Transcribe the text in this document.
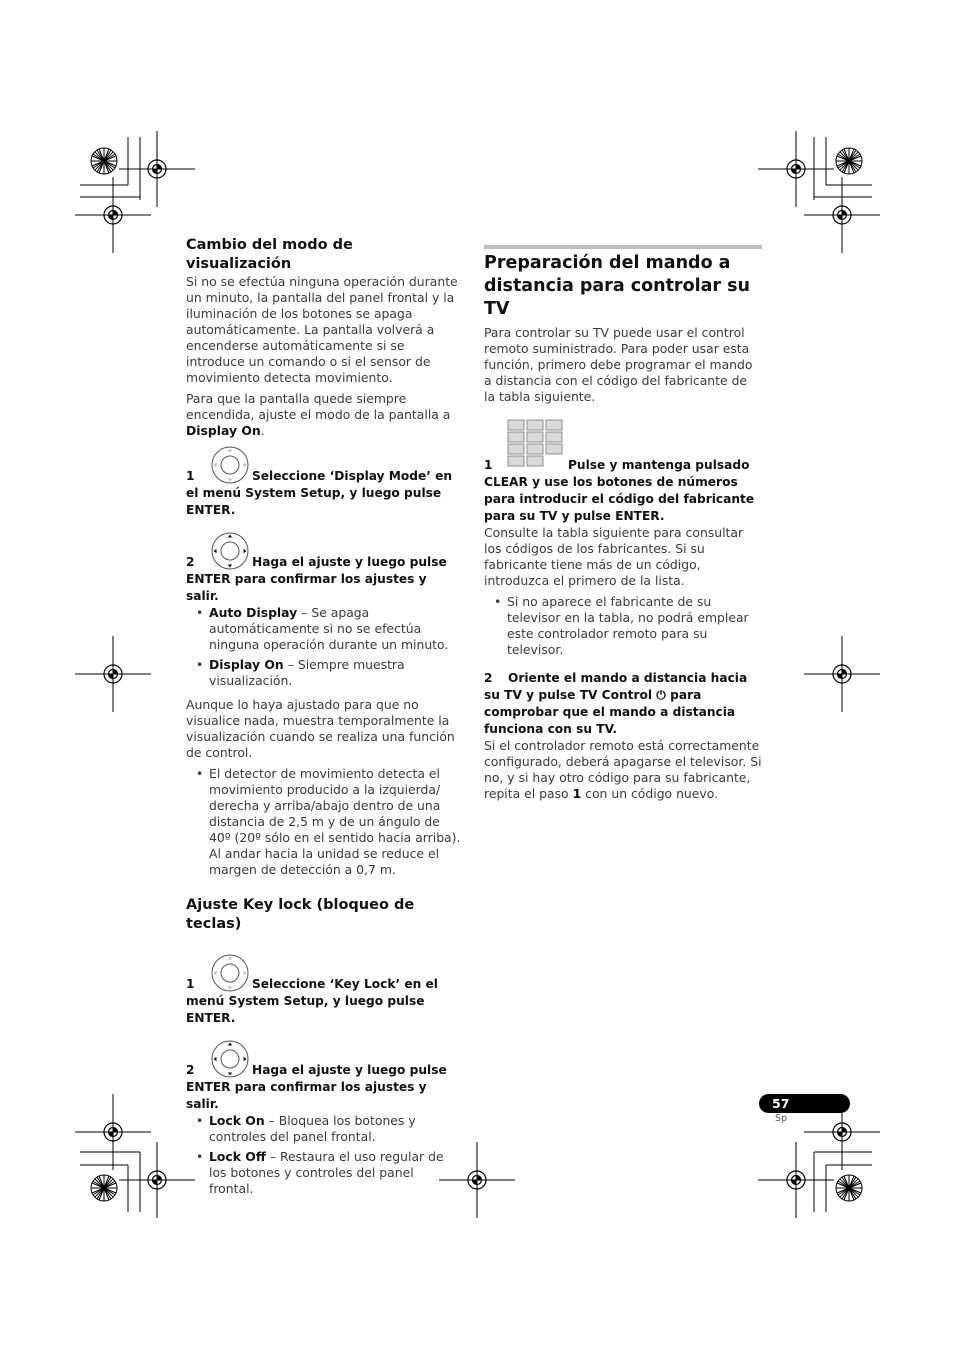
Cambio del modo de visualización

Si no se efectúa ninguna operación durante un minuto, la pantalla del panel frontal y la iluminación de los botones se apaga automáticamente. La pantalla volverá a encenderse automáticamente si se introduce un comando o si el sensor de movimiento detecta movimiento.

Para que la pantalla quede siempre encendida, ajuste el modo de la pantalla a Display On.

1	Seleccione ‘Display Mode’ en el menú System Setup, y luego pulse ENTER.
2	Haga el ajuste y luego pulse ENTER para confirmar los ajustes y salir.
• Auto Display – Se apaga automáticamente si no se efectúa ninguna operación durante un minuto.
• Display On – Siempre muestra visualización.

Aunque lo haya ajustado para que no visualice nada, muestra temporalmente la visualización cuando se realiza una función de control.

• El detector de movimiento detecta el movimiento producido a la izquierda/ derecha y arriba/abajo dentro de una distancia de 2,5 m y de un ángulo de 40º (20º sólo en el sentido hacia arriba). Al andar hacia la unidad se reduce el margen de detección a 0,7 m.
Ajuste Key lock (bloqueo de teclas)
1	Seleccione ‘Key Lock’ en el menú System Setup, y luego pulse ENTER.
2	Haga el ajuste y luego pulse ENTER para confirmar los ajustes y salir.
• Lock On – Bloquea los botones y controles del panel frontal.
• Lock Off – Restaura el uso regular de los botones y controles del panel frontal.
Preparación del mando a distancia para controlar su TV

Para controlar su TV puede usar el control remoto suministrado. Para poder usar esta función, primero debe programar el mando a distancia con el código del fabricante de la tabla siguiente.

1	Pulse y mantenga pulsado
CLEAR y use los botones de números para introducir el código del fabricante para su TV y pulse ENTER.

Consulte la tabla siguiente para consultar los códigos de los fabricantes. Si su fabricante tiene más de un código, introduzca el primero de la lista.

• Si no aparece el fabricante de su televisor en la tabla, no podrá emplear este controlador remoto para su televisor.
2 Oriente el mando a distancia hacia su TV y pulse TV Control ⏻ para comprobar que el mando a distancia funciona con su TV.

Si el controlador remoto está correctamente configurado, deberá apagarse el televisor. Si no, y si hay otro código para su fabricante, repita el paso 1 con un código nuevo.

57
Sp
